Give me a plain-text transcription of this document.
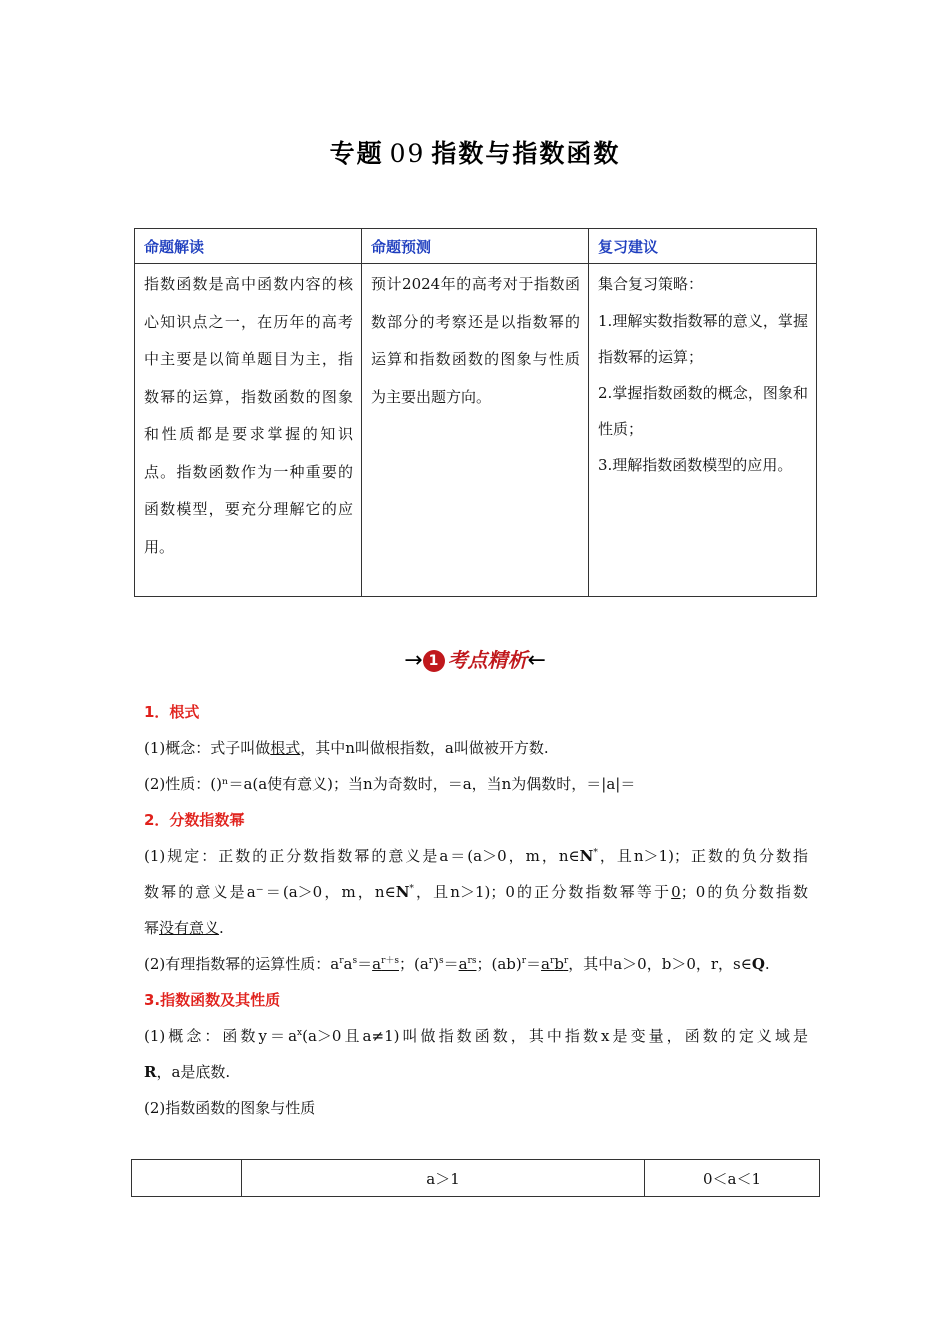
专题 09 指数与指数函数
命题解读	命题预测	复习建议
指数函数是高中函数内容的核心知识点之一，在历年的高考中主要是以简单题目为主，指数幂的运算，指数函数的图象和性质都是要求掌握的知识点。指数函数作为一种重要的函数模型，要充分理解它的应用。	预计2024年的高考对于指数函数部分的考察还是以指数幂的运算和指数函数的图象与性质为主要出题方向。	集合复习策略：

1.理解实数指数幂的意义，掌握指数幂的运算；

2.掌握指数函数的概念，图象和性质；

3.理解指数函数模型的应用。

→ 1 考点精析←
1．根式
(1)概念：式子叫做根式，其中n叫做根指数，a叫做被开方数.
(2)性质：()ⁿ＝a(a使有意义)；当n为奇数时，＝a，当n为偶数时，＝|a|＝
2．分数指数幂
(1)规定：正数的正分数指数幂的意义是a＝(a＞0，m，n∈N*，且n＞1)；正数的负分数指
数幂的意义是a⁻＝(a＞0，m，n∈N*，且n＞1)；0的正分数指数幂等于0；0的负分数指数
幂没有意义.
(2)有理指数幂的运算性质：$a^ra^s=a^{r+s}$；$(a^r)^s=a^{rs}$；$(ab)^r=a^rb^r$，其中a＞0，b＞0，r，s∈Q.
3.指数函数及其性质
(1)概念：函数$y=a^x(a>0$且a≠1)叫做指数函数，其中指数x是变量，函数的定义域是
R，a是底数.
(2)指数函数的图象与性质
	a＞1	0＜a＜1
